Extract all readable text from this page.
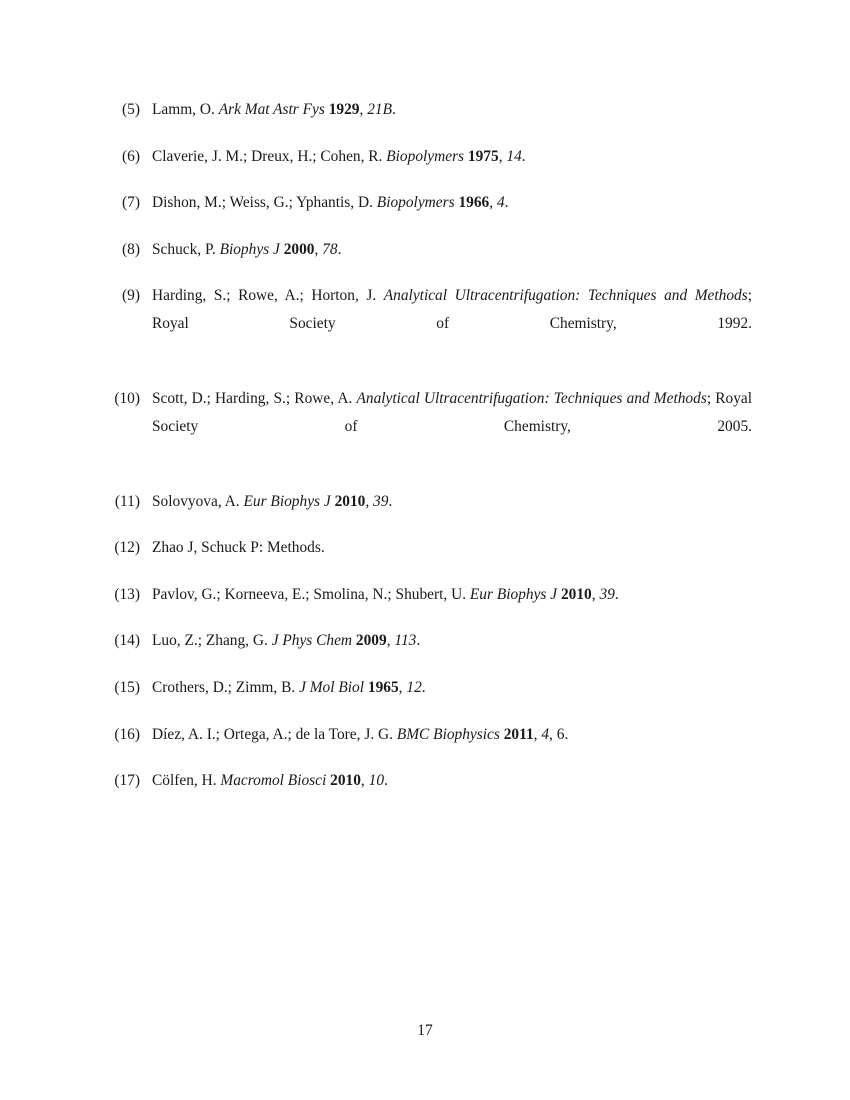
(5) Lamm, O. Ark Mat Astr Fys 1929, 21B.
(6) Claverie, J. M.; Dreux, H.; Cohen, R. Biopolymers 1975, 14.
(7) Dishon, M.; Weiss, G.; Yphantis, D. Biopolymers 1966, 4.
(8) Schuck, P. Biophys J 2000, 78.
(9) Harding, S.; Rowe, A.; Horton, J. Analytical Ultracentrifugation: Techniques and Methods; Royal Society of Chemistry, 1992.
(10) Scott, D.; Harding, S.; Rowe, A. Analytical Ultracentrifugation: Techniques and Methods; Royal Society of Chemistry, 2005.
(11) Solovyova, A. Eur Biophys J 2010, 39.
(12) Zhao J, Schuck P: Methods.
(13) Pavlov, G.; Korneeva, E.; Smolina, N.; Shubert, U. Eur Biophys J 2010, 39.
(14) Luo, Z.; Zhang, G. J Phys Chem 2009, 113.
(15) Crothers, D.; Zimm, B. J Mol Biol 1965, 12.
(16) Díez, A. I.; Ortega, A.; de la Tore, J. G. BMC Biophysics 2011, 4, 6.
(17) Cölfen, H. Macromol Biosci 2010, 10.
17
